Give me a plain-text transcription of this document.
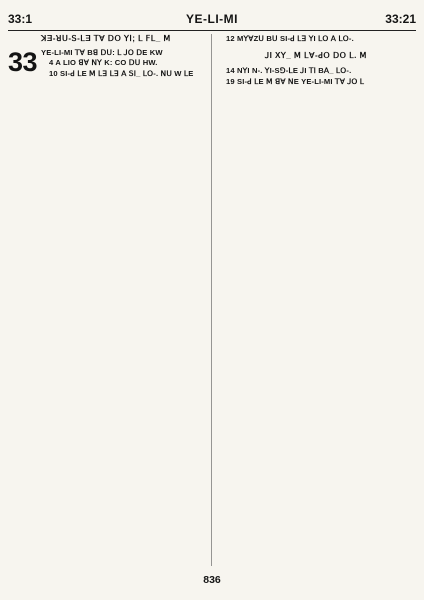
33:1	YE-LI-MI	33:21
ꓘƎ-ꓤꓴ-ꓢ-ꓡƎ ꓔꓯ ꓓꓳ ꓬꓲ; ꓡ ꓝꓡ_ ꓟ
33 YE-LI-MI ꓔꓯ Bꓭ ꓓꓴ: ꓡ ꓙꓳ ꓓE KW

4 A LIO ꓭꓯ ꓠꓬ K: CO ꓓꓴ HW.

10 SI-ꓒ ꓡE ꓟ ꓡꓱ ꓡꓱ ꓮ ꓢꓲ_ ꓡꓳ-. ꓠꓴ W ꓡE

12 MꓬꓯZꓴ Bꓴ SI-ꓒ ꓡꓱ ꓬI ꓡꓳ ꓮ ꓡꓳ-.

ꓙI Xꓬ_ ꓟ ꓡꓯ-ꓒꓳ ꓓꓳ ꓡ. ꓟ

14 NꓬI N-. ꓬI-Sꓨ-ꓡE ꓙI ꓔꓲ Bꓮ_ ꓡꓳ-.

19 SI-ꓒ ꓡE ꓟ ꓭꓯ ꓠE YE-LI-MI ꓔꓯ ꓙꓳ ꓡ

836
